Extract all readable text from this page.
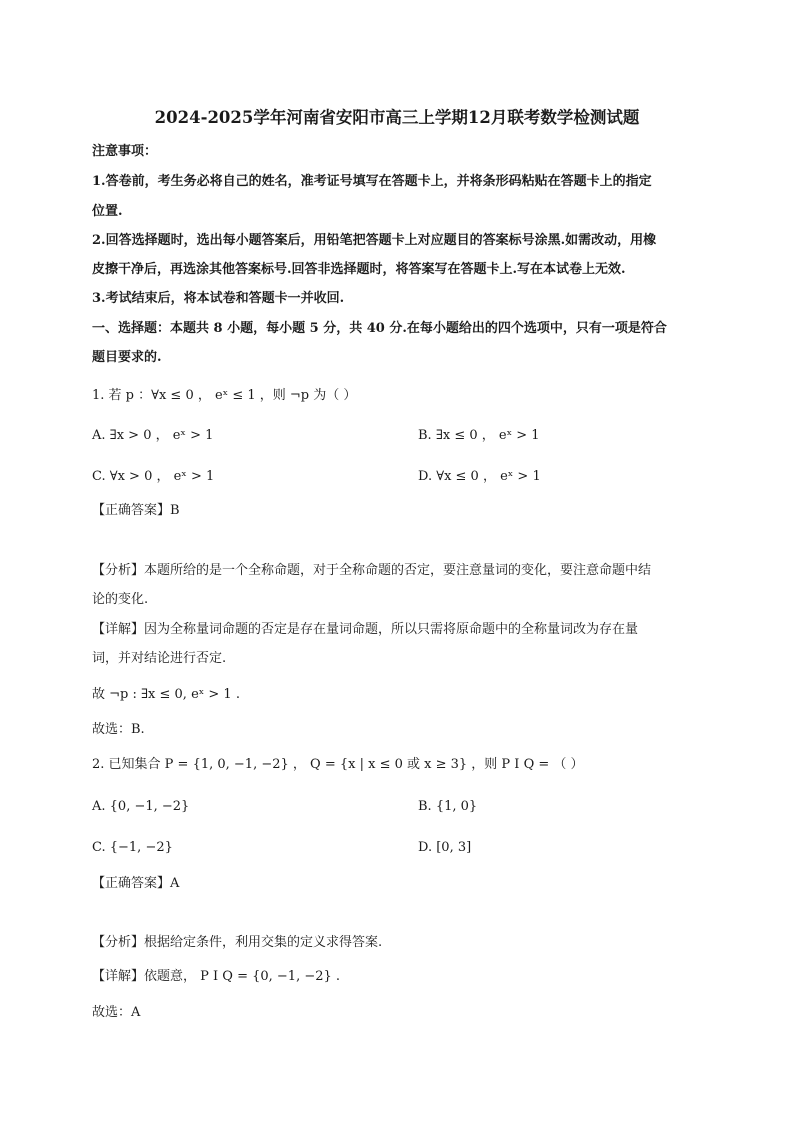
2024-2025学年河南省安阳市高三上学期12月联考数学检测试题
注意事项：
1.答卷前，考生务必将自己的姓名，准考证号填写在答题卡上，并将条形码粘贴在答题卡上的指定
位置.
2.回答选择题时，选出每小题答案后，用铅笔把答题卡上对应题目的答案标号涂黑.如需改动，用橡
皮擦干净后，再选涂其他答案标号.回答非选择题时，将答案写在答题卡上.写在本试卷上无效.
3.考试结束后，将本试卷和答题卡一并收回.
一、选择题：本题共 8 小题，每小题 5 分，共 40 分.在每小题给出的四个选项中，只有一项是符合
题目要求的.
1. 若 p ：∀x ≤ 0 ， eˣ ≤ 1 ，则 ¬p 为（ ）
A. ∃x > 0 ， eˣ > 1	B. ∃x ≤ 0 ， eˣ > 1
C. ∀x > 0 ， eˣ > 1	D. ∀x ≤ 0 ， eˣ > 1
【正确答案】B
【分析】本题所给的是一个全称命题，对于全称命题的否定，要注意量词的变化，要注意命题中结
论的变化.
【详解】因为全称量词命题的否定是存在量词命题，所以只需将原命题中的全称量词改为存在量
词，并对结论进行否定.
故 ¬p : ∃x ≤ 0, eˣ > 1 .
故选：B.
2. 已知集合 P = {1, 0, −1, −2} ， Q = {x | x ≤ 0 或 x ≥ 3} ，则 P I Q = （ ）
A. {0, −1, −2}	B. {1, 0}
C. {−1, −2}	D. [0, 3]
【正确答案】A
【分析】根据给定条件，利用交集的定义求得答案.
【详解】依题意， P I Q = {0, −1, −2} .
故选：A
